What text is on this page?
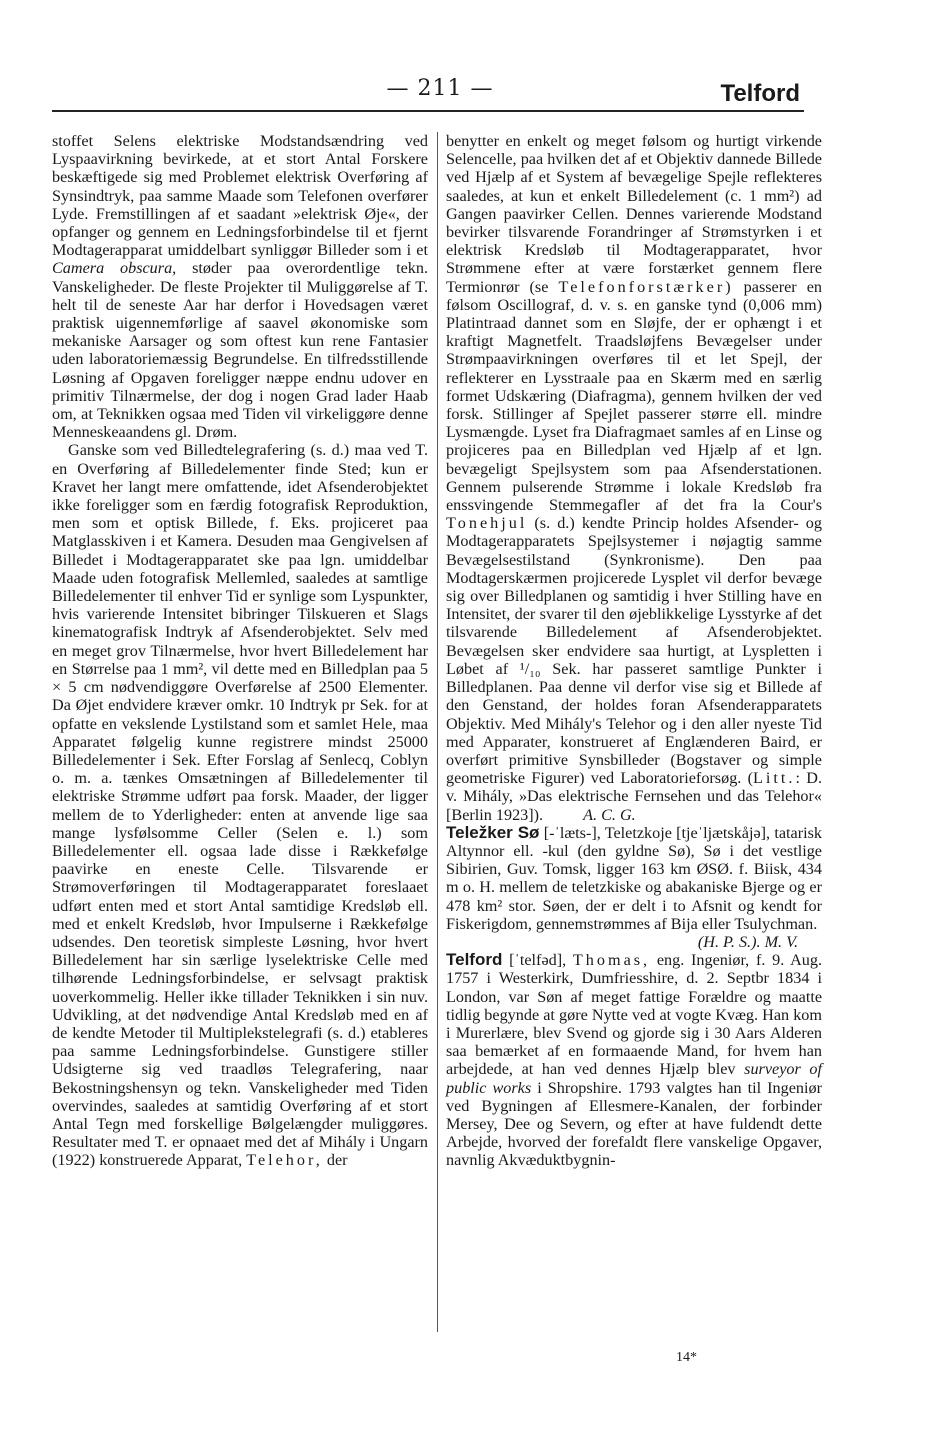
— 211 —	Telford

stoffet Selens elektriske Modstandsændring ved Lyspaavirkning bevirkede, at et stort Antal Forskere beskæftigede sig med Problemet elektrisk Overføring af Synsindtryk, paa samme Maade som Telefonen overfører Lyde. Fremstillingen af et saadant »elektrisk Øje«, der opfanger og gennem en Ledningsforbindelse til et fjernt Modtagerapparat umiddelbart synliggør Billeder som i et Camera obscura, støder paa overordentlige tekn. Vanskeligheder. De fleste Projekter til Muliggørelse af T. helt til de seneste Aar har derfor i Hovedsagen været praktisk uigennemførlige af saavel økonomiske som mekaniske Aarsager og som oftest kun rene Fantasier uden laboratoriemæssig Begrundelse. En tilfredsstillende Løsning af Opgaven foreligger næppe endnu udover en primitiv Tilnærmelse, der dog i nogen Grad lader Haab om, at Teknikken ogsaa med Tiden vil virkeliggøre denne Menneskeaandens gl. Drøm.

Ganske som ved Billedtelegrafering (s. d.) maa ved T. en Overføring af Billedelementer finde Sted; kun er Kravet her langt mere omfattende, idet Afsenderobjektet ikke foreligger som en færdig fotografisk Reproduktion, men som et optisk Billede, f. Eks. projiceret paa Matglasskiven i et Kamera. Desuden maa Gengivelsen af Billedet i Modtagerapparatet ske paa lgn. umiddelbar Maade uden fotografisk Mellemled, saaledes at samtlige Billedelementer til enhver Tid er synlige som Lyspunkter, hvis varierende Intensitet bibringer Tilskueren et Slags kinematografisk Indtryk af Afsenderobjektet. Selv med en meget grov Tilnærmelse, hvor hvert Billedelement har en Størrelse paa 1 mm², vil dette med en Billedplan paa 5 × 5 cm nødvendiggøre Overførelse af 2500 Elementer. Da Øjet endvidere kræver omkr. 10 Indtryk pr Sek. for at opfatte en vekslende Lystilstand som et samlet Hele, maa Apparatet følgelig kunne registrere mindst 25000 Billedelementer i Sek. Efter Forslag af Senlecq, Coblyn o. m. a. tænkes Omsætningen af Billedelementer til elektriske Strømme udført paa forsk. Maader, der ligger mellem de to Yderligheder: enten at anvende lige saa mange lysfølsomme Celler (Selen e. l.) som Billedelementer ell. ogsaa lade disse i Rækkefølge paavirke en eneste Celle. Tilsvarende er Strømoverføringen til Modtagerapparatet foreslaaet udført enten med et stort Antal samtidige Kredsløb ell. med et enkelt Kredsløb, hvor Impulserne i Rækkefølge udsendes. Den teoretisk simpleste Løsning, hvor hvert Billedelement har sin særlige lyselektriske Celle med tilhørende Ledningsforbindelse, er selvsagt praktisk uoverkommelig. Heller ikke tillader Teknikken i sin nuv. Udvikling, at det nødvendige Antal Kredsløb med en af de kendte Metoder til Multiplekstelegrafi (s. d.) etableres paa samme Ledningsforbindelse. Gunstigere stiller Udsigterne sig ved traadløs Telegrafering, naar Bekostningshensyn og tekn. Vanskeligheder med Tiden overvindes, saaledes at samtidig Overføring af et stort Antal Tegn med forskellige Bølgelængder muliggøres. Resultater med T. er opnaaet med det af Mihály i Ungarn (1922) konstruerede Apparat, Telehor, der

benytter en enkelt og meget følsom og hurtigt virkende Selencelle, paa hvilken det af et Objektiv dannede Billede ved Hjælp af et System af bevægelige Spejle reflekteres saaledes, at kun et enkelt Billedelement (c. 1 mm²) ad Gangen paavirker Cellen. Dennes varierende Modstand bevirker tilsvarende Forandringer af Strømstyrken i et elektrisk Kredsløb til Modtagerapparatet, hvor Strømmene efter at være forstærket gennem flere Termionrør (se Telefonforstærker) passerer en følsom Oscillograf, d. v. s. en ganske tynd (0,006 mm) Platintraad dannet som en Sløjfe, der er ophængt i et kraftigt Magnetfelt. Traadsløjfens Bevægelser under Strømpaavirkningen overføres til et let Spejl, der reflekterer en Lysstraale paa en Skærm med en særlig formet Udskæring (Diafragma), gennem hvilken der ved forsk. Stillinger af Spejlet passerer større ell. mindre Lysmængde. Lyset fra Diafragmaet samles af en Linse og projiceres paa en Billedplan ved Hjælp af et lgn. bevægeligt Spejlsystem som paa Afsenderstationen. Gennem pulserende Strømme i lokale Kredsløb fra enssvingende Stemmegafler af det fra la Cour's Tonehjul (s. d.) kendte Princip holdes Afsender- og Modtagerapparatets Spejlsystemer i nøjagtig samme Bevægelsestilstand (Synkronisme). Den paa Modtagerskærmen projicerede Lysplet vil derfor bevæge sig over Billedplanen og samtidig i hver Stilling have en Intensitet, der svarer til den øjeblikkelige Lysstyrke af det tilsvarende Billedelement af Afsenderobjektet. Bevægelsen sker endvidere saa hurtigt, at Lyspletten i Løbet af ¹/₁₀ Sek. har passeret samtlige Punkter i Billedplanen. Paa denne vil derfor vise sig et Billede af den Genstand, der holdes foran Afsenderapparatets Objektiv. Med Mihály's Telehor og i den aller nyeste Tid med Apparater, konstrueret af Englænderen Baird, er overført primitive Synsbilleder (Bogstaver og simple geometriske Figurer) ved Laboratorieforsøg. (Litt.: D. v. Mihály, »Das elektrische Fernsehen und das Telehor« [Berlin 1923]). A. C. G.

Teležker Sø [-ˈlæts-], Teletzkoje [tjeˈljætskåjə], tatarisk Altynnor ell. -kul (den gyldne Sø), Sø i det vestlige Sibirien, Guv. Tomsk, ligger 163 km ØSØ. f. Biisk, 434 m o. H. mellem de teletzkiske og abakaniske Bjerge og er 478 km² stor. Søen, der er delt i to Afsnit og kendt for Fiskerigdom, gennemstrømmes af Bija eller Tsulychman.

(H. P. S.). M. V.

Telford [ˈtelfəd], Thomas, eng. Ingeniør, f. 9. Aug. 1757 i Westerkirk, Dumfriesshire, d. 2. Septbr 1834 i London, var Søn af meget fattige Forældre og maatte tidlig begynde at gøre Nytte ved at vogte Kvæg. Han kom i Murerlære, blev Svend og gjorde sig i 30 Aars Alderen saa bemærket af en formaaende Mand, for hvem han arbejdede, at han ved dennes Hjælp blev surveyor of public works i Shropshire. 1793 valgtes han til Ingeniør ved Bygningen af Ellesmere-Kanalen, der forbinder Mersey, Dee og Severn, og efter at have fuldendt dette Arbejde, hvorved der forefaldt flere vanskelige Opgaver, navnlig Akvæduktbygnin-

14*
